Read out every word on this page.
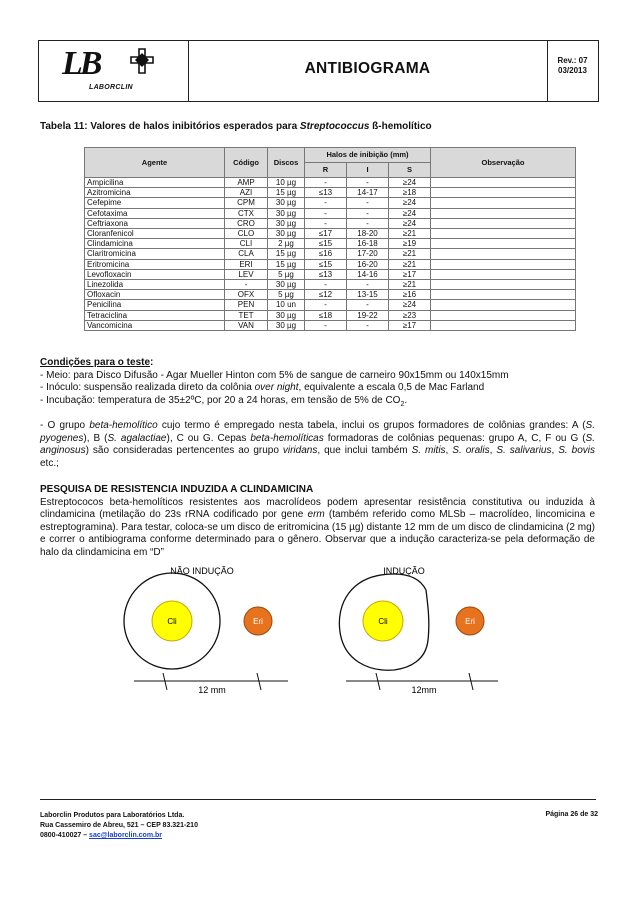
LB
LABORCLIN
ANTIBIOGRAMA	Rev.: 07
03/2013
Tabela 11: Valores de halos inibitórios esperados para Streptococcus ß-hemolítico
Agente	Código	Discos	Halos de inibição (mm)			Observação
			R	I	S	
Ampicilina	AMP	10 µg	-	-	≥24	
Azitromicina	AZI	15 µg	≤13	14-17	≥18	
Cefepime	CPM	30 µg	-	-	≥24	
Cefotaxima	CTX	30 µg	-	-	≥24	
Ceftriaxona	CRO	30 µg	-	-	≥24	
Cloranfenicol	CLO	30 µg	≤17	18-20	≥21	
Clindamicina	CLI	2 µg	≤15	16-18	≥19	
Claritromicina	CLA	15 µg	≤16	17-20	≥21	
Eritromicina	ERI	15 µg	≤15	16-20	≥21	
Levofloxacin	LEV	5 µg	≤13	14-16	≥17	
Linezolida	-	30 µg	-	-	≥21	
Ofloxacin	OFX	5 µg	≤12	13-15	≥16	
Penicilina	PEN	10 un	-	-	≥24	
Tetraciclina	TET	30 µg	≤18	19-22	≥23	
Vancomicina	VAN	30 µg	-	-	≥17	
Condições para o teste:
- Meio: para Disco Difusão - Agar Mueller Hinton com 5% de sangue de carneiro 90x15mm ou 140x15mm
- Inóculo: suspensão realizada direto da colônia over night, equivalente a escala 0,5 de Mac Farland
- Incubação: temperatura de 35±2ºC, por 20 a 24 horas, em tensão de 5% de $CO_2$.
- O grupo beta-hemolítico cujo termo é empregado nesta tabela, inclui os grupos formadores de colônias grandes: A (S. pyogenes), B (S. agalactiae), C ou G. Cepas beta-hemolíticas formadoras de colônias pequenas: grupo A, C, F ou G (S. anginosus) são consideradas pertencentes ao grupo viridans, que inclui também S. mitis, S. oralis, S. salivarius, S. bovis etc.;
PESQUISA DE RESISTENCIA INDUZIDA A CLINDAMICINA
Estreptococos beta-hemolíticos resistentes aos macrolídeos podem apresentar resistência constitutiva ou induzida à clindamicina (metilação do 23s rRNA codificado por gene erm (também referido como MLSb – macrolídeo, lincomicina e estreptogramina). Para testar, coloca-se um disco de eritromicina (15 µg) distante 12 mm de um disco de clindamicina (2 mg) e correr o antibiograma conforme determinado para o gênero. Observar que a indução caracteriza-se pela deformação de halo da clindamicina em “D”
NÃO INDUÇÃO	INDUÇÃO
Cli	Eri
12 mm
Cli	Eri
12mm
Laborclin Produtos para Laboratórios Ltda.
Rua Cassemiro de Abreu, 521 – CEP 83.321-210
0800-410027 – sac@laborclin.com.br
Página 26 de 32
